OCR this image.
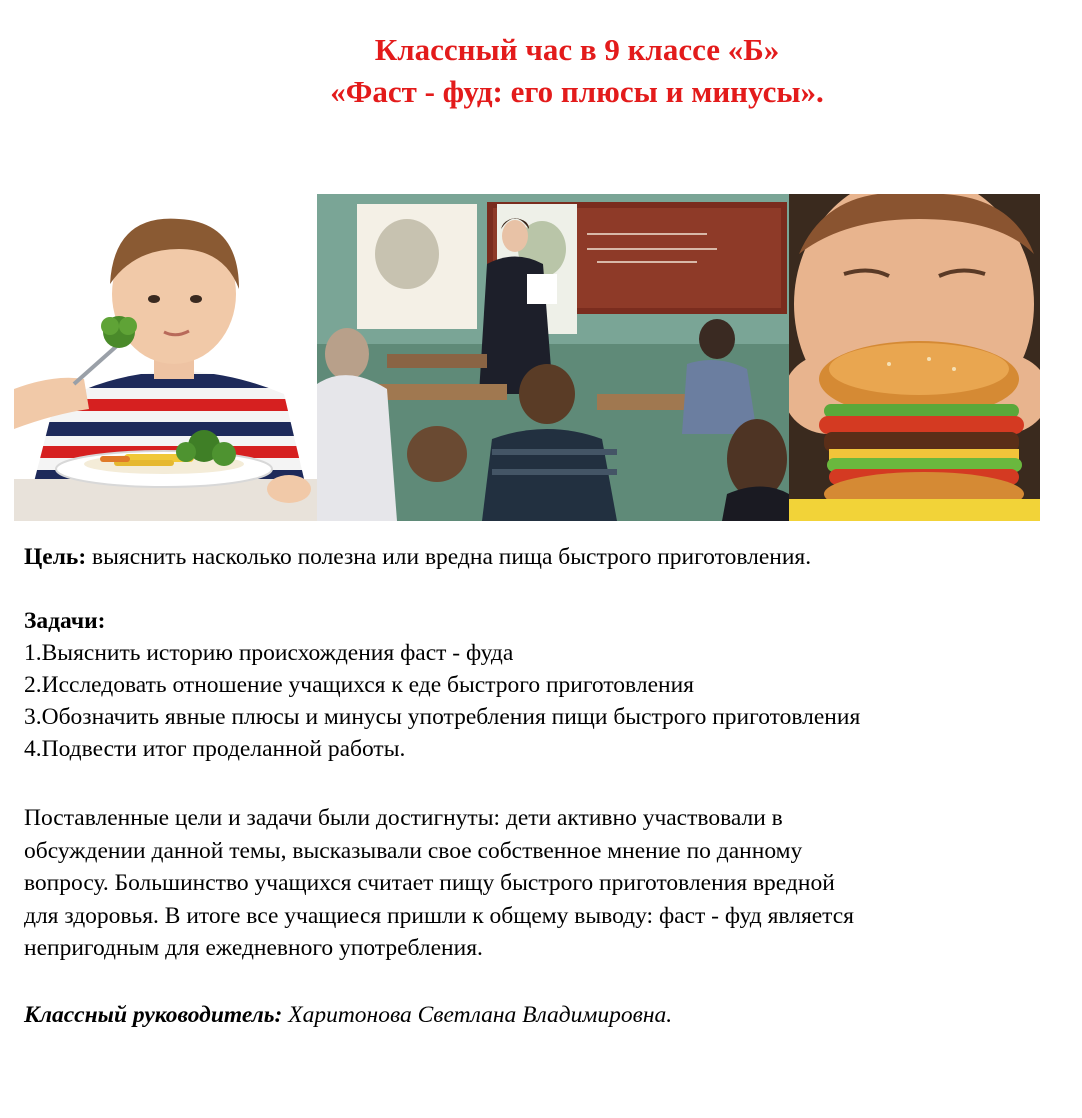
Классный час в 9 классе «Б»
«Фаст - фуд: его плюсы и минусы».
Цель: выяснить насколько полезна или вредна пища быстрого приготовления.
Задачи:
1.Выяснить историю происхождения фаст - фуда
2.Исследовать отношение учащихся к еде быстрого приготовления
3.Обозначить явные плюсы и минусы употребления пищи быстрого приготовления
4.Подвести итог проделанной работы.

Поставленные цели и задачи были достигнуты: дети активно участвовали в

обсуждении данной темы, высказывали свое собственное мнение по данному

вопросу. Большинство учащихся считает пищу быстрого приготовления вредной

для здоровья. В итоге все учащиеся пришли к общему выводу: фаст - фуд является

непригодным для ежедневного употребления.

Классный руководитель: Харитонова Светлана Владимировна.
